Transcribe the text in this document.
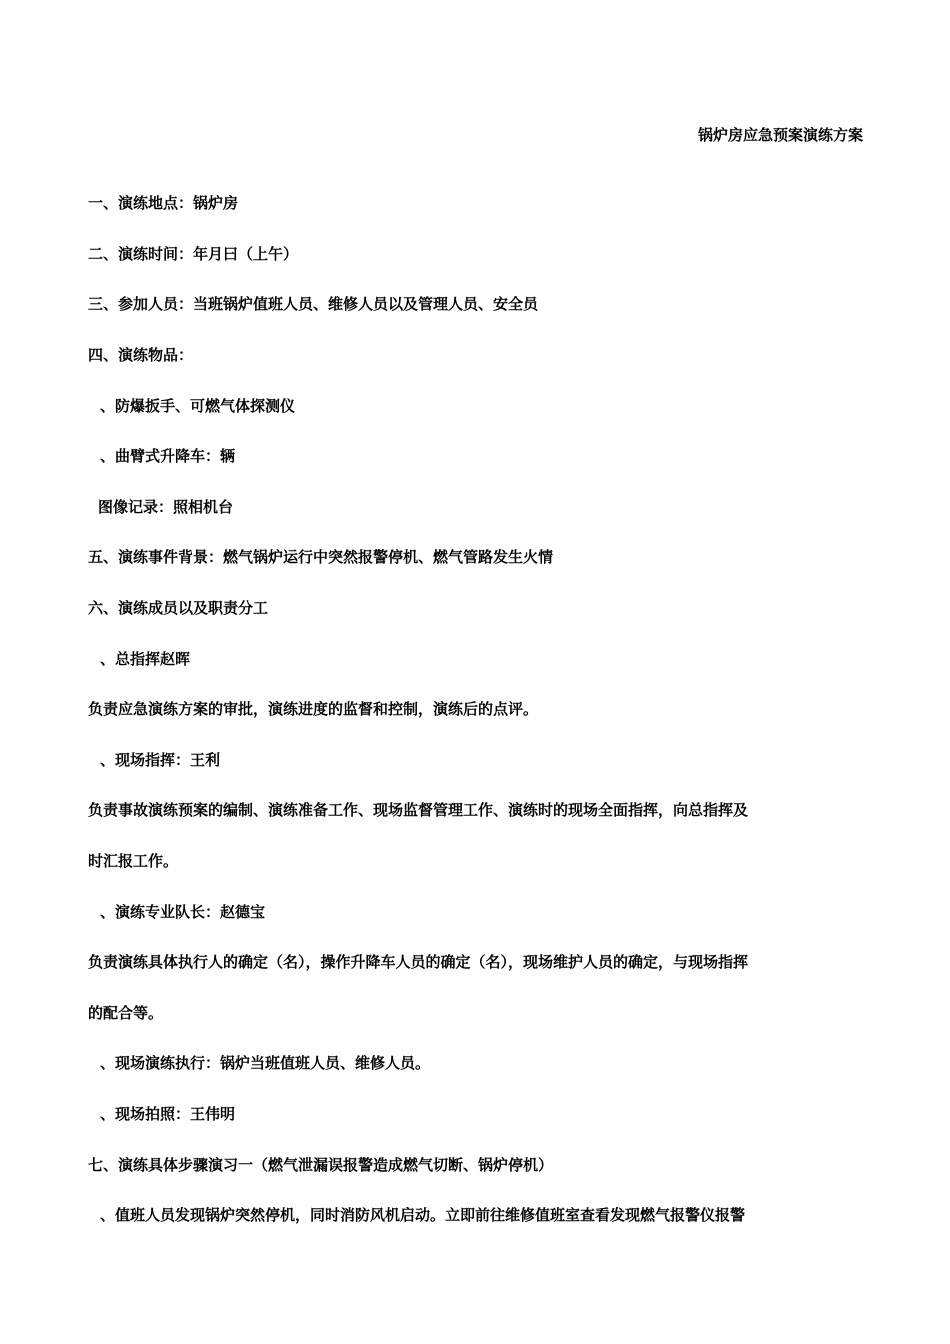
锅炉房应急预案演练方案
一、演练地点：锅炉房
二、演练时间：年月曰（上午）
三、参加人员：当班锅炉值班人员、维修人员以及管理人员、安全员
四、演练物品：
、防爆扳手、可燃气体探测仪
、曲臂式升降车：辆
图像记录：照相机台
五、演练事件背景：燃气锅炉运行中突然报警停机、燃气管路发生火情
六、演练成员以及职责分工
、总指挥赵晖
负责应急演练方案的审批，演练进度的监督和控制，演练后的点评。
、现场指挥：王利
负责事故演练预案的编制、演练准备工作、现场监督管理工作、演练时的现场全面指挥，向总指挥及
时汇报工作。
、演练专业队长：赵德宝
负责演练具体执行人的确定（名），操作升降车人员的确定（名），现场维护人员的确定，与现场指挥
的配合等。
、现场演练执行：锅炉当班值班人员、维修人员。
、现场拍照：王伟明
七、演练具体步骤演习一（燃气泄漏误报警造成燃气切断、锅炉停机）
、值班人员发现锅炉突然停机，同时消防风机启动。立即前往维修值班室查看发现燃气报警仪报警
